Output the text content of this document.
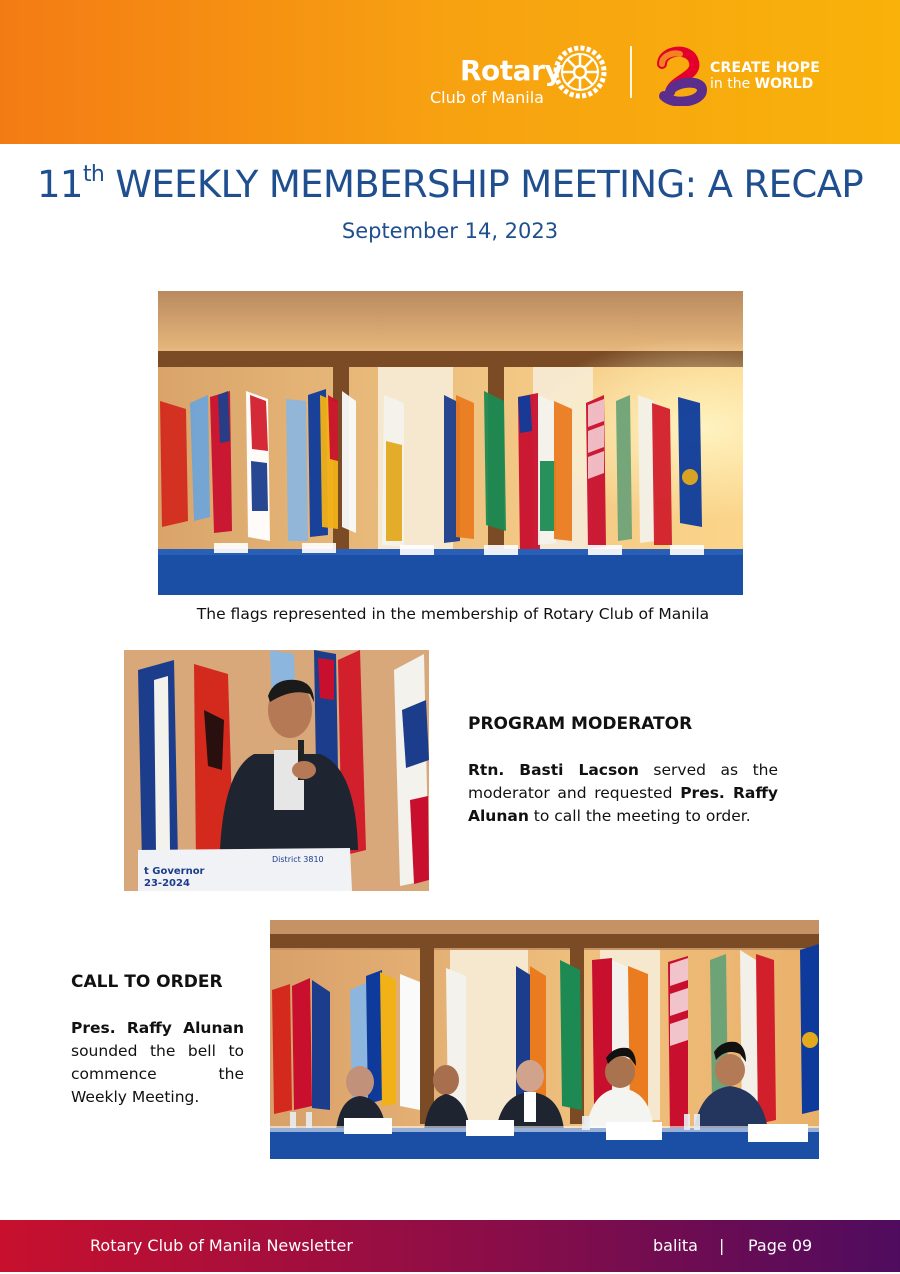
Rotary
Club of Manila
CREATE HOPE
in the WORLD
11th WEEKLY MEMBERSHIP MEETING: A RECAP
September 14, 2023
The flags represented in the membership of Rotary Club of Manila
t Governor
23-2024
District 3810
PROGRAM MODERATOR

Rtn. Basti Lacson served as the moderator and requested Pres. Raffy Alunan to call the meeting to order.

CALL TO ORDER

Pres. Raffy Alunan sounded the bell to commence the Weekly Meeting.

Rotary Club of Manila Newsletter	balita | Page 09
